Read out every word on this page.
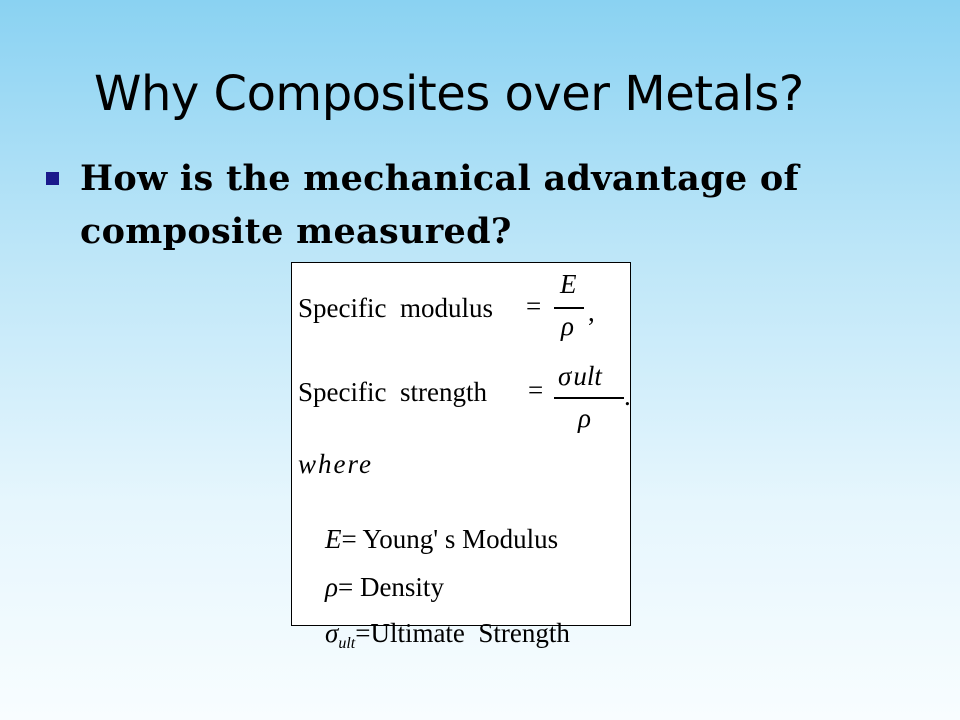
Why Composites over Metals?
How is the mechanical advantage of composite measured?
Specific  modulus =
E
ρ ,
Specific  strength = σult
ρ
.
where

E= Young' s Modulus

ρ= Density

$\sigma_{ult}=Ultimate$  Strength
